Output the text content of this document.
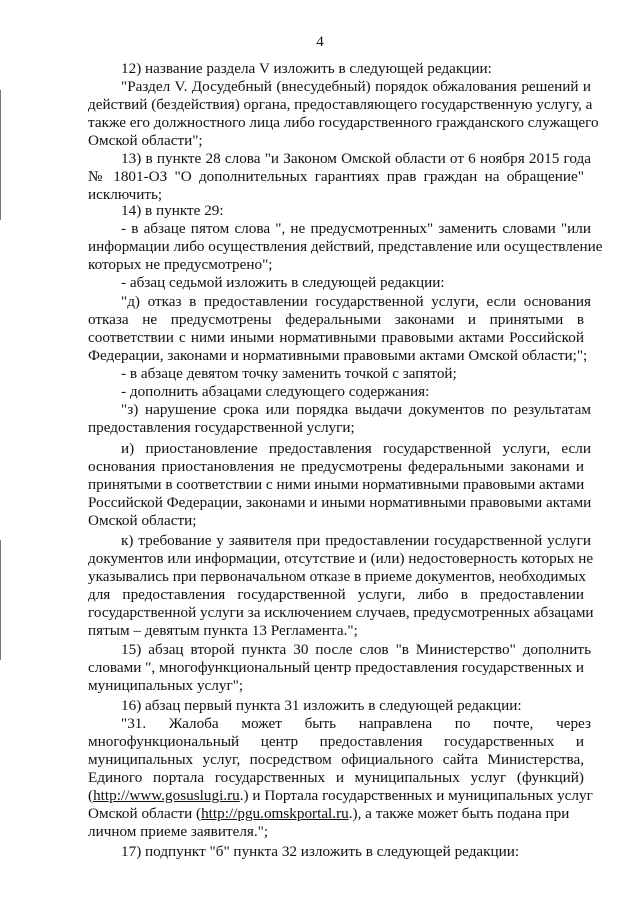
4
12) название раздела V изложить в следующей редакции:
"Раздел V. Досудебный (внесудебный) порядок обжалования решений и
действий (бездействия) органа, предоставляющего государственную услугу, а
также его должностного лица либо государственного гражданского служащего
Омской области";
13) в пункте 28 слова "и Законом Омской области от 6 ноября 2015 года
№ 1801-ОЗ "О дополнительных гарантиях прав граждан на обращение"
исключить;
14) в пункте 29:
- в абзаце пятом слова ", не предусмотренных" заменить словами "или
информации либо осуществления действий, представление или осуществление
которых не предусмотрено";
- абзац седьмой изложить в следующей редакции:
"д) отказ в предоставлении государственной услуги, если основания
отказа не предусмотрены федеральными законами и принятыми в
соответствии с ними иными нормативными правовыми актами Российской
Федерации, законами и нормативными правовыми актами Омской области;";
- в абзаце девятом точку заменить точкой с запятой;
- дополнить абзацами следующего содержания:
"з) нарушение срока или порядка выдачи документов по результатам
предоставления государственной услуги;
и) приостановление предоставления государственной услуги, если
основания приостановления не предусмотрены федеральными законами и
принятыми в соответствии с ними иными нормативными правовыми актами
Российской Федерации, законами и иными нормативными правовыми актами
Омской области;
к) требование у заявителя при предоставлении государственной услуги
документов или информации, отсутствие и (или) недостоверность которых не
указывались при первоначальном отказе в приеме документов, необходимых
для предоставления государственной услуги, либо в предоставлении
государственной услуги за исключением случаев, предусмотренных абзацами
пятым – девятым пункта 13 Регламента.";
15) абзац второй пункта 30 после слов "в Министерство" дополнить
словами ", многофункциональный центр предоставления государственных и
муниципальных услуг";
16) абзац первый пункта 31 изложить в следующей редакции:
"31. Жалоба может быть направлена по почте, через
многофункциональный центр предоставления государственных и
муниципальных услуг, посредством официального сайта Министерства,
Единого портала государственных и муниципальных услуг (функций)
(http://www.gosuslugi.ru.) и Портала государственных и муниципальных услуг
Омской области (http://pgu.omskportal.ru.), а также может быть подана при
личном приеме заявителя.";
17) подпункт "б" пункта 32 изложить в следующей редакции:
